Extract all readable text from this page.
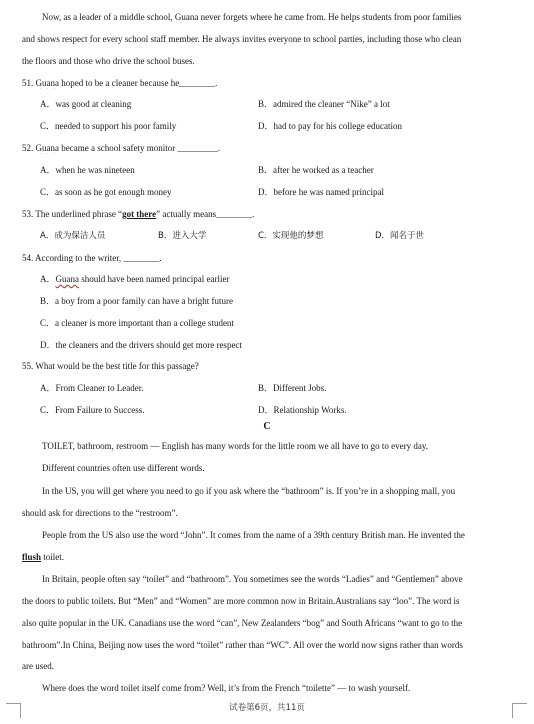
Now, as a leader of a middle school, Guana never forgets where he came from. He helps students from poor families
and shows respect for every school staff member. He always invites everyone to school parties, including those who clean
the floors and those who drive the school buses.
51. Guana hoped to be a cleaner because he________.
A．was good at cleaning	B．admired the cleaner “Nike” a lot
C．needed to support his poor family	D．had to pay for his college education
52. Guana became a school safety monitor _________.
A．when he was nineteen	B．after he worked as a teacher
C．as soon as he got enough money	D．before he was named principal
53. The underlined phrase “got there” actually means________.
A．成为保洁人员	B．进入大学	C．实现他的梦想	D．闻名于世
54. According to the writer, ________.
A．Guana should have been named principal earlier
B．a boy from a poor family can have a bright future
C．a cleaner is more important than a college student
D．the cleaners and the drivers should get more respect
55. What would be the best title for this passage?
A．From Cleaner to Leader.	B．Different Jobs.
C．From Failure to Success.	D．Relationship Works.
C
TOILET, bathroom, restroom — English has many words for the little room we all have to go to every day.
Different countries often use different words.
In the US, you will get where you need to go if you ask where the “bathroom” is. If you’re in a shopping mall, you
should ask for directions to the “restroom”.
People from the US also use the word “John”. It comes from the name of a 39th century British man. He invented the
flush toilet.
In Britain, people often say “toilet” and “bathroom”. You sometimes see the words “Ladies” and “Gentlemen” above
the doors to public toilets. But “Men” and “Women” are more common now in Britain.Australians say “loo”. The word is
also quite popular in the UK. Canadians use the word “can”, New Zealanders “bog” and South Africans “want to go to the
bathroom”.In China, Beijing now uses the word “toilet” rather than “WC”. All over the world now signs rather than words
are used.
Where does the word toilet itself come from? Well, it’s from the French “toilette” — to wash yourself.
试卷第6页，共11页
